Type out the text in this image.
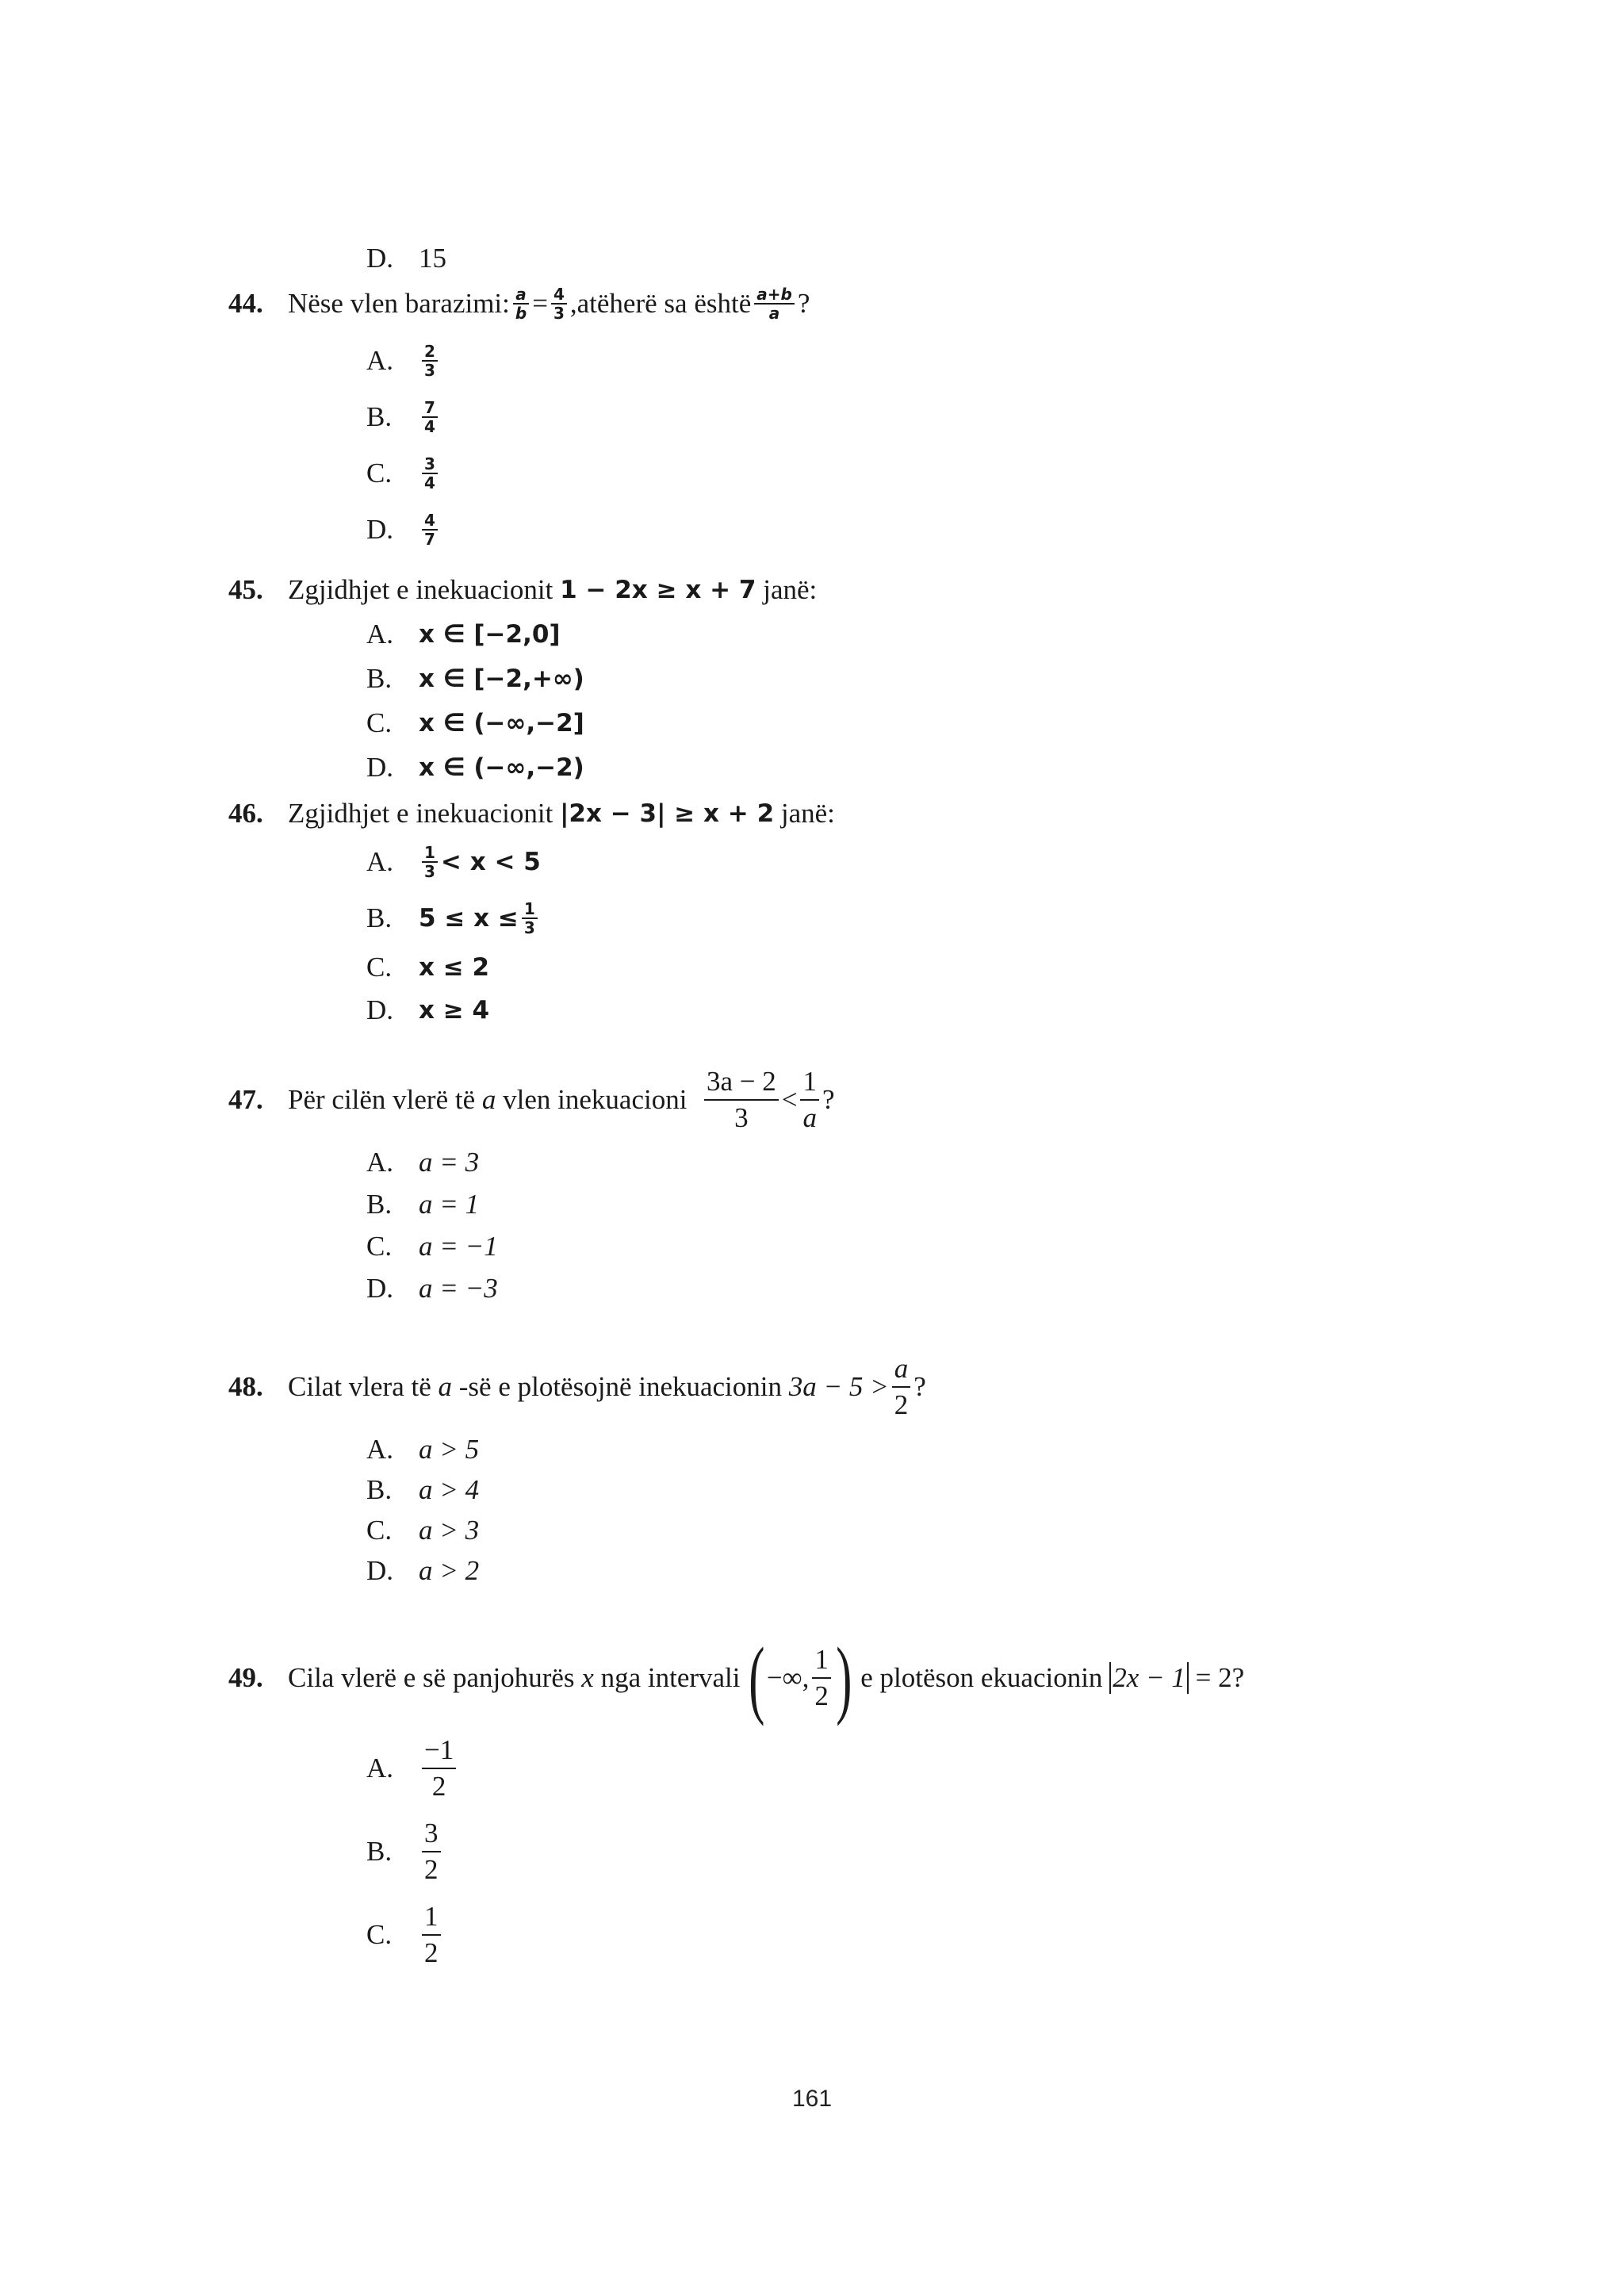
D. 15
44. Nëse vlen barazimi: $\frac{a}{b} = \frac{4}{3}$ ,atëherë sa është $\frac{a+b}{a}$ ?
A.	$\frac{2}{3}$
B.	$\frac{7}{4}$
C.	$\frac{3}{4}$
D.	$\frac{4}{7}$
45. Zgjidhjet e inekuacionit
1 − 2x ≥ x + 7
janë:
A.	x ∈ [−2,0]
B.	x ∈ [−2,+∞)
C.	x ∈ (−∞,−2]
D.	x ∈ (−∞,−2)
46. Zgjidhjet e inekuacionit
|2x − 3| ≥ x + 2
janë:
A.	$\frac{1}{3} < x < 5$
B.	$5 \le x \le \frac{1}{3}$
C.	x ≤ 2
D.	x ≥ 4
47. Për cilën vlerë të
a
vlen inekuacioni
$\frac{3a - 2}{3} < \frac{1}{a}$ ?
A. a = 3
B. a = 1
C. a = −1
D. a = −3
48. Cilat vlera të
a
-së e plotësojnë inekuacionin
$3a - 5 > \frac{a}{2}$ ?
A. a > 5
B. a > 4
C. a > 3
D. a > 2
49. Cila vlerë e së panjohurës
x
nga intervali
( −∞, $\frac{1}{2}$ )
e plotëson ekuacionin
2x − 1
= 2 ?
A.	$\frac{-1}{2}$
B.	$\frac{3}{2}$
C.	$\frac{1}{2}$
161
